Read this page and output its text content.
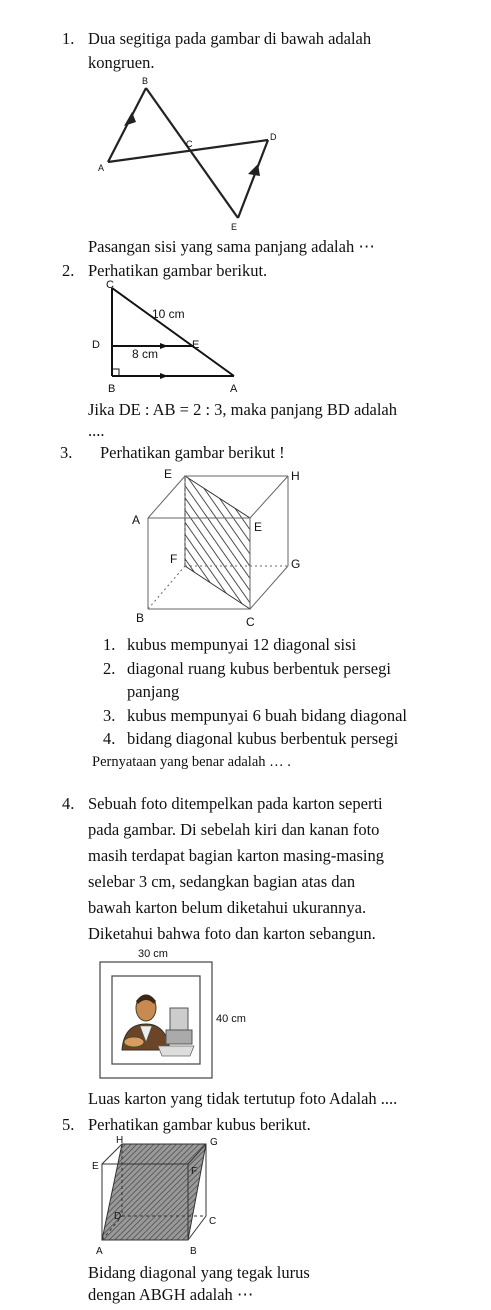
1. Dua segitiga pada gambar di bawah adalah
kongruen.
B
A
C
D
E
Pasangan sisi yang sama panjang adalah ⋯
2. Perhatikan gambar berikut.
C
10 cm
D	E
8 cm
B	A
Jika DE : AB = 2 : 3, maka panjang BD adalah
....
3. Perhatikan gambar berikut !
E	H
A	E
F	G
B	C
1. kubus mempunyai 12 diagonal sisi
2. diagonal ruang kubus berbentuk persegi
panjang
3. kubus mempunyai 6 buah bidang diagonal
4. bidang diagonal kubus berbentuk persegi
Pernyataan yang benar adalah … .
4. Sebuah foto ditempelkan pada karton seperti
pada gambar. Di sebelah kiri dan kanan foto
masih terdapat bagian karton masing-masing
selebar 3 cm, sedangkan bagian atas dan
bawah karton belum diketahui ukurannya.
Diketahui bahwa foto dan karton sebangun.
30 cm
40 cm
Luas karton yang tidak tertutup foto Adalah ....
5. Perhatikan gambar kubus berikut.
H	G
E	F
D	C
A	B
Bidang diagonal yang tegak lurus
dengan ABGH adalah ⋯
